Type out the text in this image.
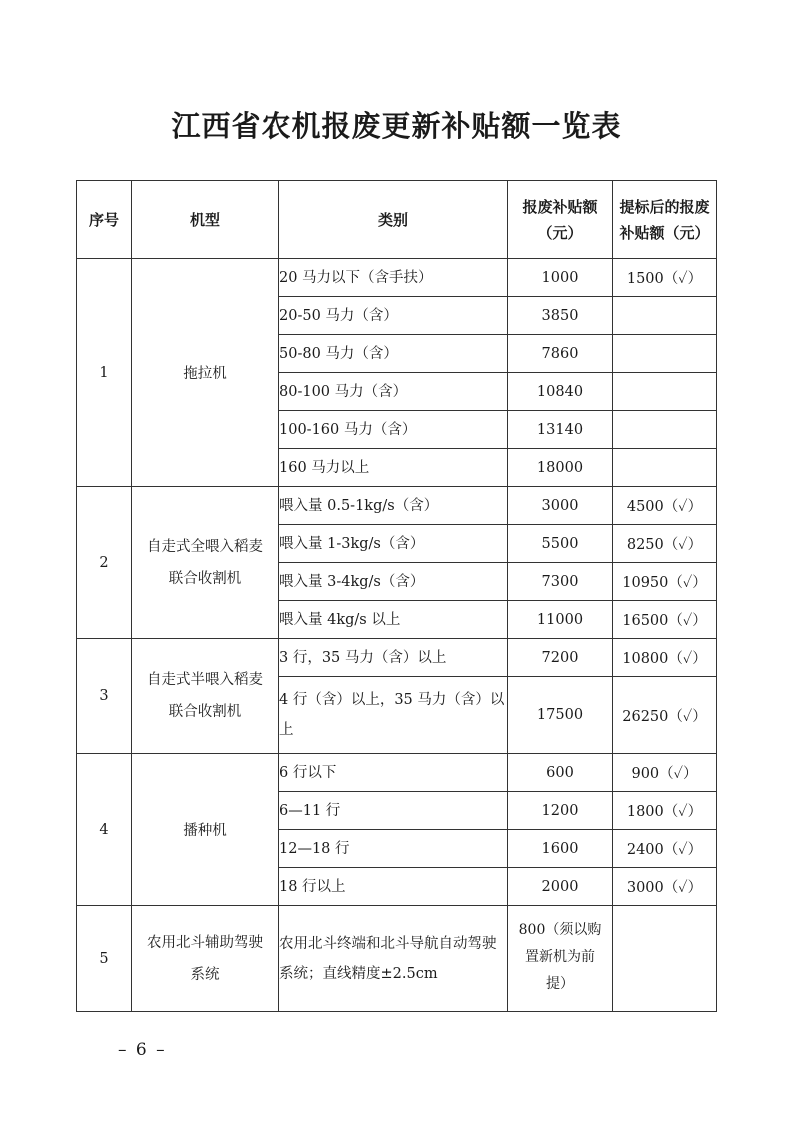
江西省农机报废更新补贴额一览表
序号	机型	类别	报废补贴额（元）	提标后的报废补贴额（元）
1	拖拉机	20 马力以下（含手扶）	1000	1500（✓）
		20-50 马力（含）	3850	
		50-80 马力（含）	7860	
		80-100 马力（含）	10840	
		100-160 马力（含）	13140	
		160 马力以上	18000	
2	自走式全喂入稻麦联合收割机	喂入量 0.5-1kg/s（含）	3000	4500（✓）
		喂入量 1-3kg/s（含）	5500	8250（✓）
		喂入量 3-4kg/s（含）	7300	10950（✓）
		喂入量 4kg/s 以上	11000	16500（✓）
3	自走式半喂入稻麦联合收割机	3 行，35 马力（含）以上	7200	10800（✓）
		4 行（含）以上，35 马力（含）以上	17500	26250（✓）
4	播种机	6 行以下	600	900（✓）
		6—11 行	1200	1800（✓）
		12—18 行	1600	2400（✓）
		18 行以上	2000	3000（✓）
5	农用北斗辅助驾驶系统	农用北斗终端和北斗导航自动驾驶系统；直线精度±2.5cm	800（须以购置新机为前提）	
– 6 –
